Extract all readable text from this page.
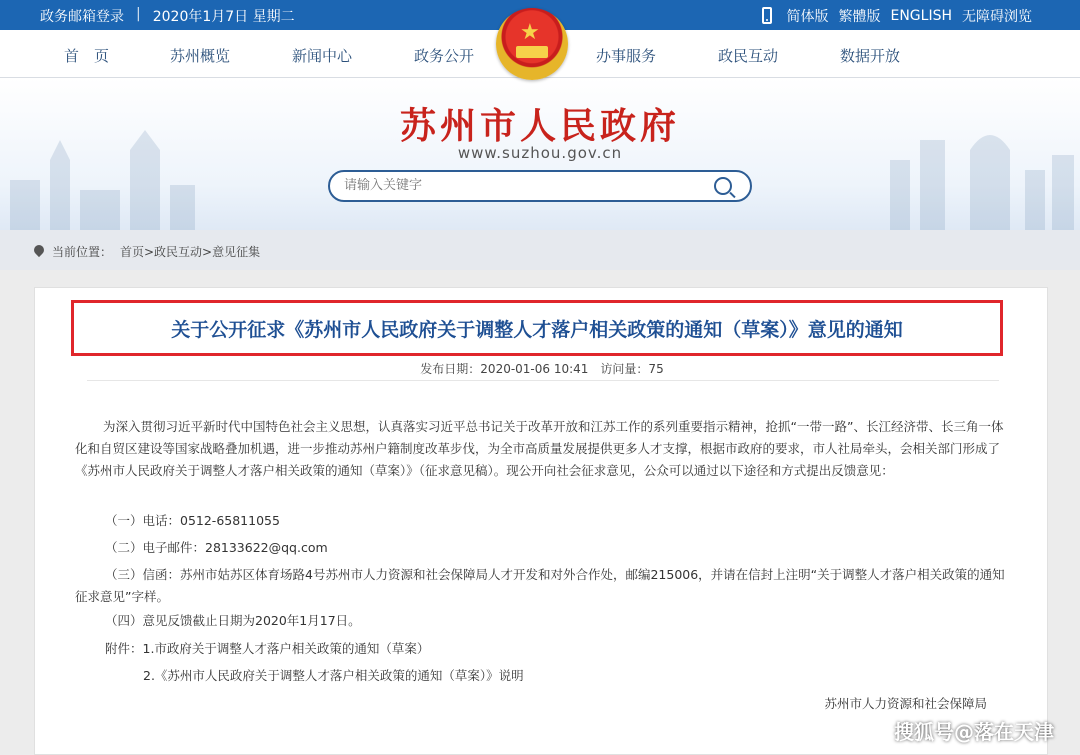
政务邮箱登录 | 2020年1月7日 星期二	简体版 繁體版 ENGLISH 无障碍浏览
首　页	苏州概览	新闻中心	政务公开	办事服务	政民互动	数据开放
苏州市人民政府
www.suzhou.gov.cn
请输入关键字
★
当前位置： 首页>政民互动>意见征集
关于公开征求《苏州市人民政府关于调整人才落户相关政策的通知（草案）》意见的通知
发布日期：2020-01-06 10:41　访问量：75
为深入贯彻习近平新时代中国特色社会主义思想，认真落实习近平总书记关于改革开放和江苏工作的系列重要指示精神，抢抓“一带一路”、长江经济带、长三角一体化和自贸区建设等国家战略叠加机遇，进一步推动苏州户籍制度改革步伐，为全市高质量发展提供更多人才支撑，根据市政府的要求，市人社局牵头，会相关部门形成了《苏州市人民政府关于调整人才落户相关政策的通知（草案）》（征求意见稿）。现公开向社会征求意见，公众可以通过以下途径和方式提出反馈意见：
（一）电话：0512-65811055
（二）电子邮件：28133622@qq.com
（三）信函：苏州市姑苏区体育场路4号苏州市人力资源和社会保障局人才开发和对外合作处，邮编215006，并请在信封上注明“关于调整人才落户相关政策的通知征求意见”字样。
（四）意见反馈截止日期为2020年1月17日。
附件：1.市政府关于调整人才落户相关政策的通知（草案）
2.《苏州市人民政府关于调整人才落户相关政策的通知（草案）》说明
苏州市人力资源和社会保障局
搜狐号@落在天津
